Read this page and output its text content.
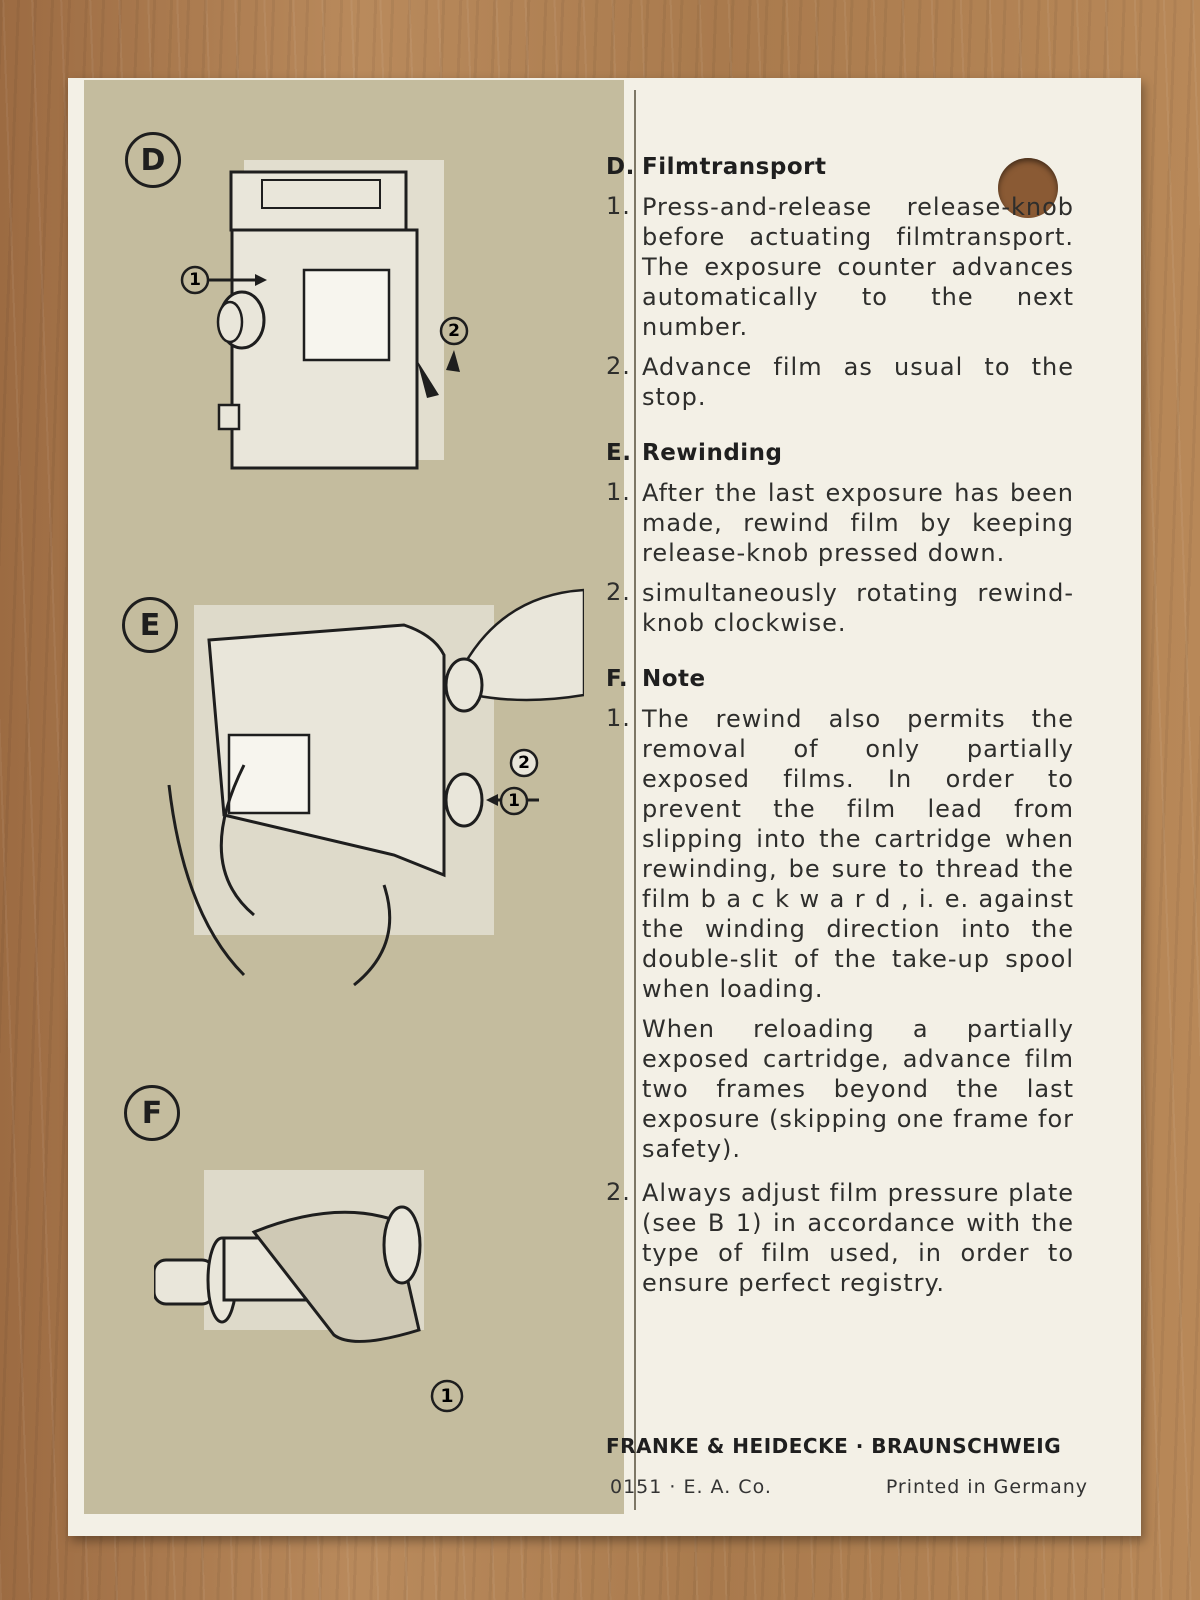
D
1
2
E
2
1
F
1
D. Filmtransport
1. Press-and-release release-knob before actuating filmtransport. The exposure counter advances automatically to the next number.
2. Advance film as usual to the stop.
E. Rewinding
1. After the last exposure has been made, rewind film by keeping release-knob pressed down.
2. simultaneously rotating rewind-knob clockwise.
F. Note
1. The rewind also permits the removal of only partially exposed films. In order to prevent the film lead from slipping into the cartridge when rewinding, be sure to thread the film b a c k w a r d , i. e. against the winding direction into the double-slit of the take-up spool when loading.
When reloading a partially exposed cartridge, advance film two frames beyond the last exposure (skipping one frame for safety).
2. Always adjust film pressure plate (see B 1) in accordance with the type of film used, in order to ensure perfect registry.
FRANKE & HEIDECKE · BRAUNSCHWEIG
0151 · E. A. Co.	Printed in Germany
